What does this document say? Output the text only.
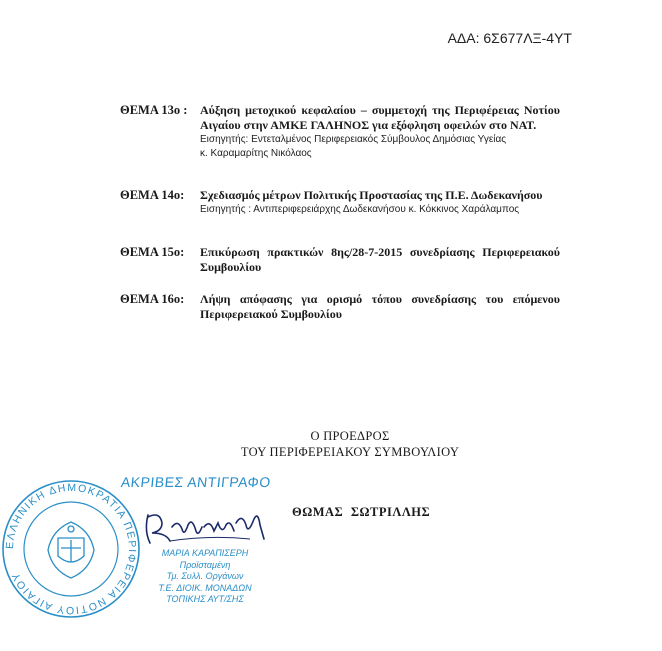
ΑΔΑ: 6Σ677ΛΞ-4ΥΤ
ΘΕΜΑ 13ο : Αύξηση μετοχικού κεφαλαίου – συμμετοχή της Περιφέρειας Νοτίου Αιγαίου στην ΑΜΚΕ ΓΑΛΗΝΟΣ για εξόφληση οφειλών στο ΝΑΤ.
Εισηγητής: Εντεταλμένος Περιφερειακός Σύμβουλος Δημόσιας Υγείας
κ. Καραμαρίτης Νικόλαος
ΘΕΜΑ 14ο: Σχεδιασμός μέτρων Πολιτικής Προστασίας της Π.Ε. Δωδεκανήσου
Εισηγητής : Αντιπεριφερειάρχης Δωδεκανήσου κ. Κόκκινος Χαράλαμπος
ΘΕΜΑ 15ο: Επικύρωση πρακτικών 8ης/28-7-2015 συνεδρίασης Περιφερειακού Συμβουλίου
ΘΕΜΑ 16ο: Λήψη απόφασης για ορισμό τόπου συνεδρίασης του επόμενου Περιφερειακού Συμβουλίου
Ο ΠΡΟΕΔΡΟΣ
ΤΟΥ ΠΕΡΙΦΕΡΕΙΑΚΟΥ ΣΥΜΒΟΥΛΙΟΥ
ΕΛΛΗΝΙΚΗ ΔΗΜΟΚΡΑΤΙΑ ΠΕΡΙΦΕΡΕΙΑ ΝΟΤΙΟΥ ΑΙΓΑΙΟΥ
ΑΚΡΙΒΕΣ ΑΝΤΙΓΡΑΦΟ
ΜΑΡΙΑ ΚΑΡΑΠΙΣΕΡΗ
Προϊσταμένη
Τμ. Συλλ. Οργάνων
Τ.Ε. ΔΙΟΙΚ. ΜΟΝΑΔΩΝ
ΤΟΠΙΚΗΣ ΑΥΤ/ΣΗΣ
ΘΩΜΑΣ ΣΩΤΡΙΛΛΗΣ
